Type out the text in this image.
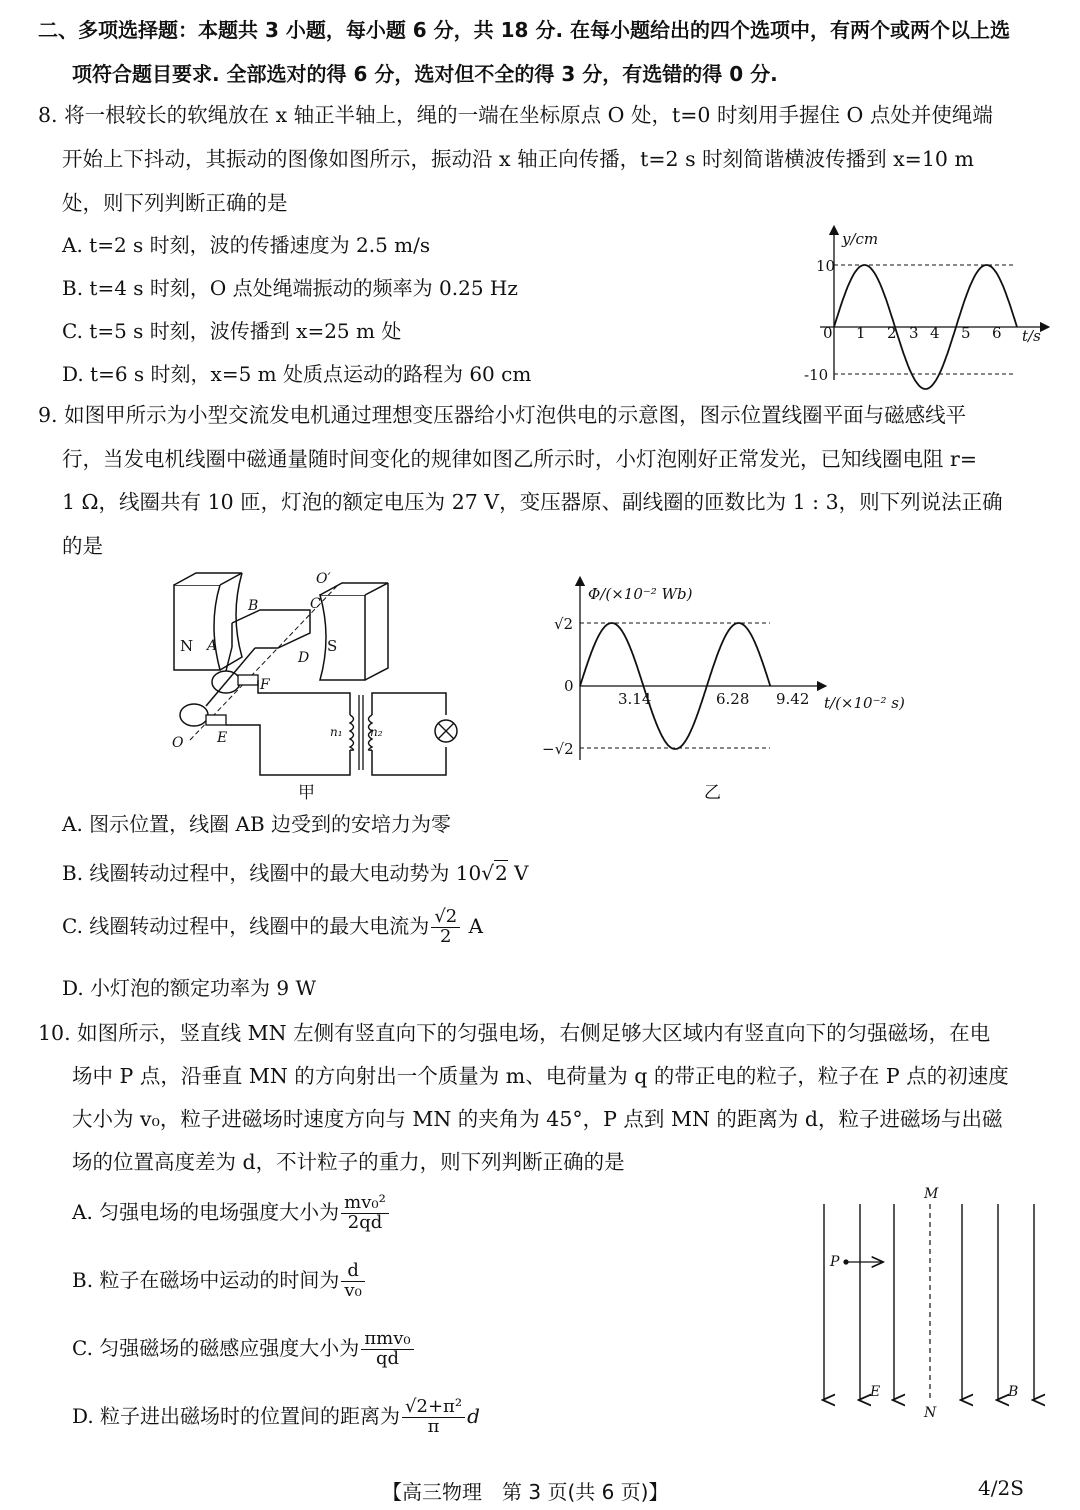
二、多项选择题：本题共 3 小题，每小题 6 分，共 18 分. 在每小题给出的四个选项中，有两个或两个以上选
项符合题目要求. 全部选对的得 6 分，选对但不全的得 3 分，有选错的得 0 分.
8. 将一根较长的软绳放在 x 轴正半轴上，绳的一端在坐标原点 O 处，t=0 时刻用手握住 O 点处并使绳端
开始上下抖动，其振动的图像如图所示，振动沿 x 轴正向传播，t=2 s 时刻简谐横波传播到 x=10 m
处，则下列判断正确的是
A. t=2 s 时刻，波的传播速度为 2.5 m/s
B. t=4 s 时刻，O 点处绳端振动的频率为 0.25 Hz
C. t=5 s 时刻，波传播到 x=25 m 处
D. t=6 s 时刻，x=5 m 处质点运动的路程为 60 cm
y/cm
t/s
10
-10
0 1 2 3 4 5 6
9. 如图甲所示为小型交流发电机通过理想变压器给小灯泡供电的示意图，图示位置线圈平面与磁感线平
行，当发电机线圈中磁通量随时间变化的规律如图乙所示时，小灯泡刚好正常发光，已知线圈电阻 r=
1 Ω，线圈共有 10 匝，灯泡的额定电压为 27 V，变压器原、副线圈的匝数比为 1 : 3，则下列说法正确
的是
N	S
A
B	C
D
E
F
O
O′
n₁ n₂
甲
Φ/(×10⁻² Wb)
t/(×10⁻² s)
√2
0
−√2
3.14	6.28 9.42
乙
A. 图示位置，线圈 AB 边受到的安培力为零
B. 线圈转动过程中，线圈中的最大电动势为 10√2 V
C. 线圈转动过程中，线圈中的最大电流为 $\frac{√2}{2}$ A
D. 小灯泡的额定功率为 9 W
10. 如图所示，竖直线 MN 左侧有竖直向下的匀强电场，右侧足够大区域内有竖直向下的匀强磁场，在电
场中 P 点，沿垂直 MN 的方向射出一个质量为 m、电荷量为 q 的带正电的粒子，粒子在 P 点的初速度
大小为 v₀，粒子进磁场时速度方向与 MN 的夹角为 45°，P 点到 MN 的距离为 d，粒子进磁场与出磁
场的位置高度差为 d，不计粒子的重力，则下列判断正确的是
A. 匀强电场的电场强度大小为 $\frac{\text{mv₀²}}{2qd}$
B. 粒子在磁场中运动的时间为 $\frac{d}{\text{v₀}}$
C. 匀强磁场的磁感应强度大小为 $\frac{\text{πmv₀}}{qd}$
D. 粒子进出磁场时的位置间的距离为 $\frac{\text{√2+π²}}{\pi}$ d
M
N
P
E	B
【高三物理　第 3 页(共 6 页)】	4/2S
